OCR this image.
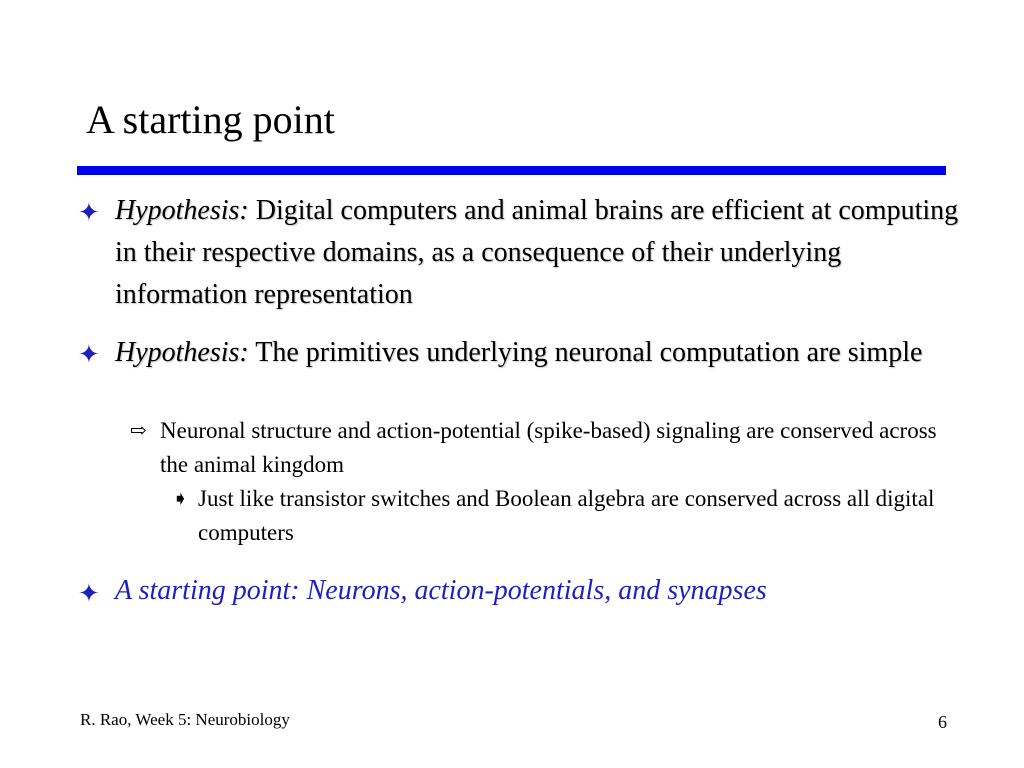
A starting point
✦ Hypothesis: Digital computers and animal brains are efficient at computing in their respective domains, as a consequence of their underlying information representation
✦ Hypothesis: The primitives underlying neuronal computation are simple
⇨ Neuronal structure and action-potential (spike-based) signaling are conserved across the animal kingdom
➧ Just like transistor switches and Boolean algebra are conserved across all digital computers
✦ A starting point: Neurons, action-potentials, and synapses
R. Rao, Week 5: Neurobiology	6
